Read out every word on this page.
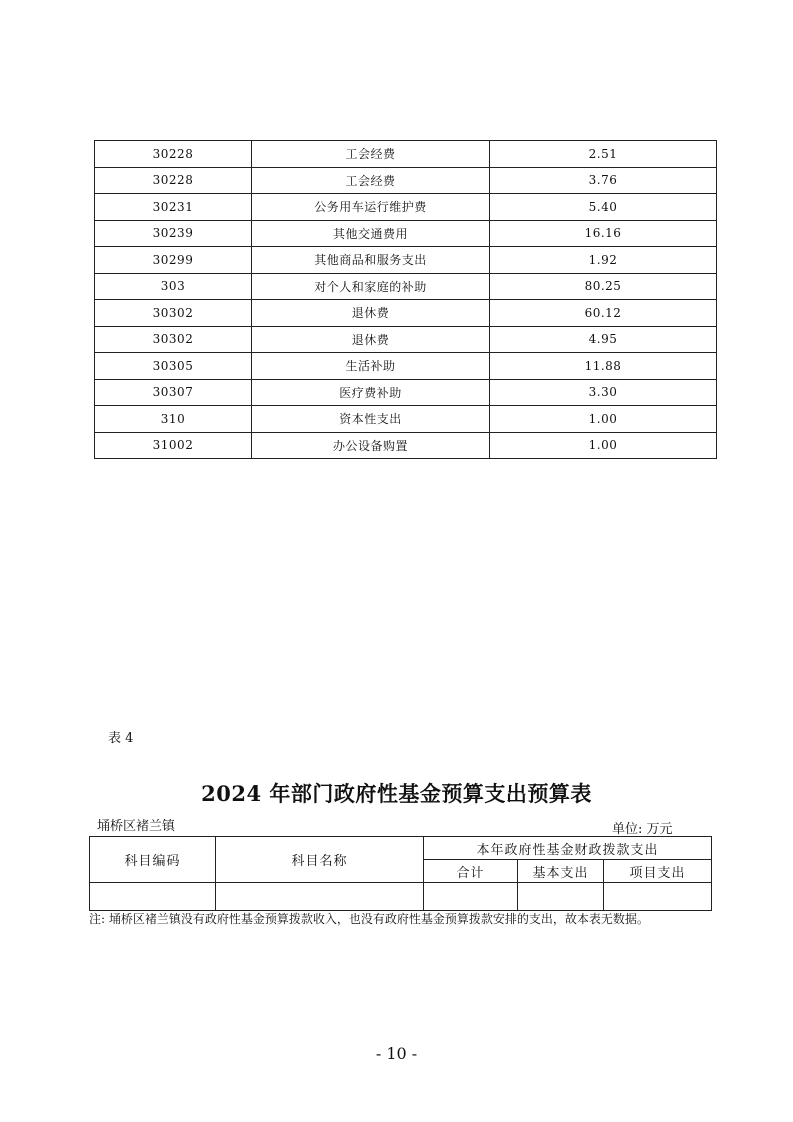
30228	工会经费	2.51
30228	工会经费	3.76
30231	公务用车运行维护费	5.40
30239	其他交通费用	16.16
30299	其他商品和服务支出	1.92
303	对个人和家庭的补助	80.25
30302	退休费	60.12
30302	退休费	4.95
30305	生活补助	11.88
30307	医疗费补助	3.30
310	资本性支出	1.00
31002	办公设备购置	1.00
表 4
2024 年部门政府性基金预算支出预算表
埇桥区褚兰镇	单位: 万元
科目编码	科目名称	本年政府性基金财政拨款支出		
		合计	基本支出	项目支出

注: 埇桥区褚兰镇没有政府性基金预算拨款收入，也没有政府性基金预算拨款安排的支出，故本表无数据。
- 10 -
